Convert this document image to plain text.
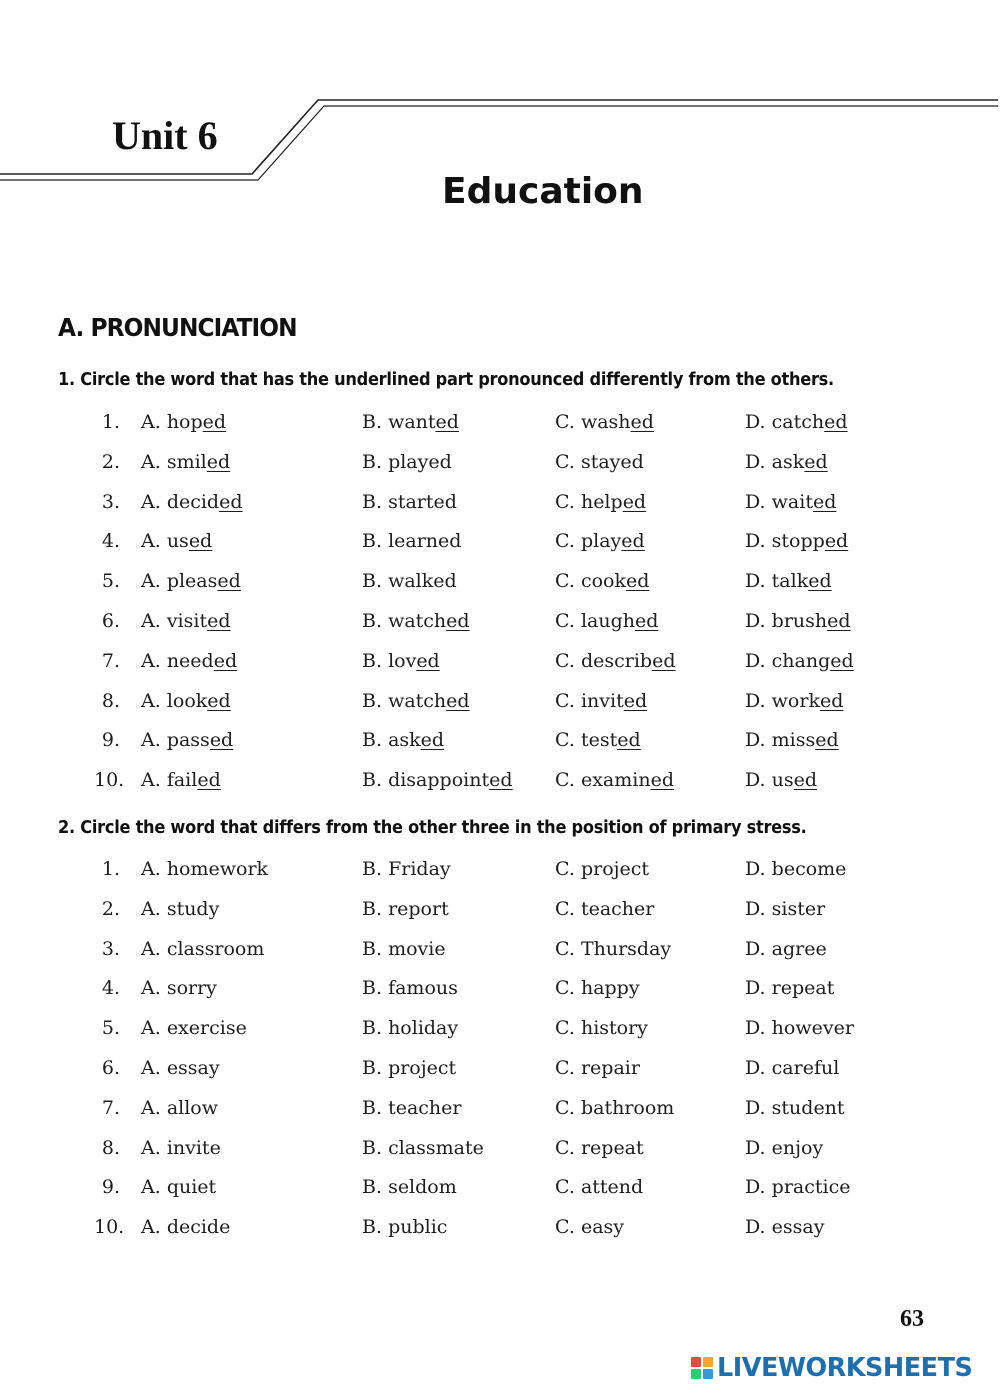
Unit 6
Education
A. PRONUNCIATION

1. Circle the word that has the underlined part pronounced differently from the others.

1. A. hoped	B. wanted	C. washed	D. catched
2. A. smiled	B. played	C. stayed	D. asked
3. A. decided	B. started	C. helped	D. waited
4. A. used	B. learned	C. played	D. stopped
5. A. pleased	B. walked	C. cooked	D. talked
6. A. visited	B. watched	C. laughed	D. brushed
7. A. needed	B. loved	C. described	D. changed
8. A. looked	B. watched	C. invited	D. worked
9. A. passed	B. asked	C. tested	D. missed
10. A. failed	B. disappointed C. examined	D. used

2. Circle the word that differs from the other three in the position of primary stress.

1. A. homework	B. Friday	C. project	D. become
2. A. study	B. report	C. teacher	D. sister
3. A. classroom	B. movie	C. Thursday	D. agree
4. A. sorry	B. famous	C. happy	D. repeat
5. A. exercise	B. holiday	C. history	D. however
6. A. essay	B. project	C. repair	D. careful
7. A. allow	B. teacher	C. bathroom	D. student
8. A. invite	B. classmate	C. repeat	D. enjoy
9. A. quiet	B. seldom	C. attend	D. practice
10. A. decide	B. public	C. easy	D. essay

63

LIVEWORKSHEETS
